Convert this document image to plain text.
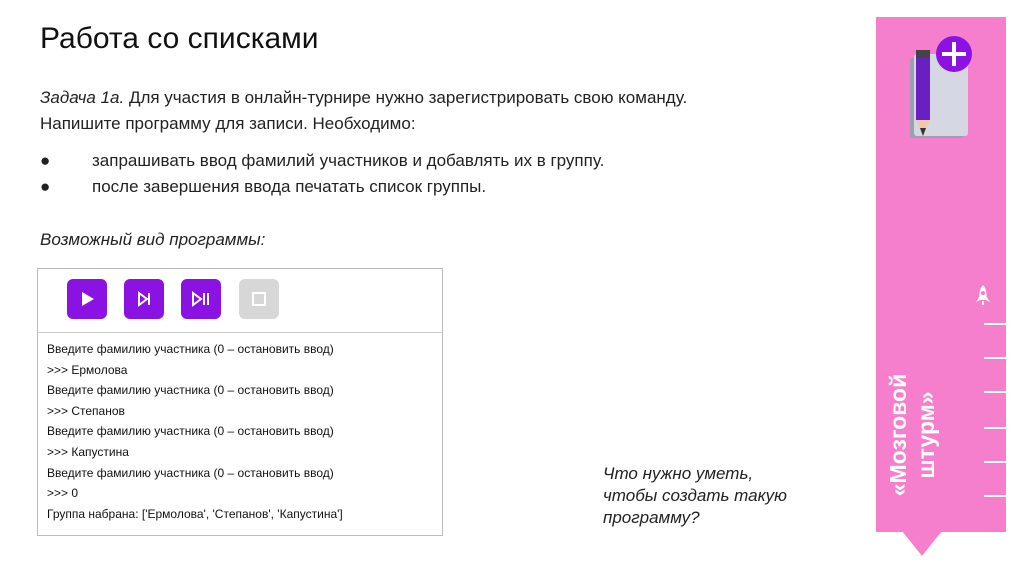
Работа со списками
Задача 1а. Для участия в онлайн-турнире нужно зарегистрировать свою команду.
Напишите программу для записи. Необходимо:
●	запрашивать ввод фамилий участников и добавлять их в группу.
●	после завершения ввода печатать список группы.
Возможный вид программы:
Введите фамилию участника (0 – остановить ввод)
>>> Ермолова
Введите фамилию участника (0 – остановить ввод)
>>> Степанов
Введите фамилию участника (0 – остановить ввод)
>>> Капустина
Введите фамилию участника (0 – остановить ввод)
>>> 0
Группа набрана: ['Ермолова', 'Степанов', 'Капустина']
Что нужно уметь,
чтобы создать такую
программу?
«Мозговой штурм»
